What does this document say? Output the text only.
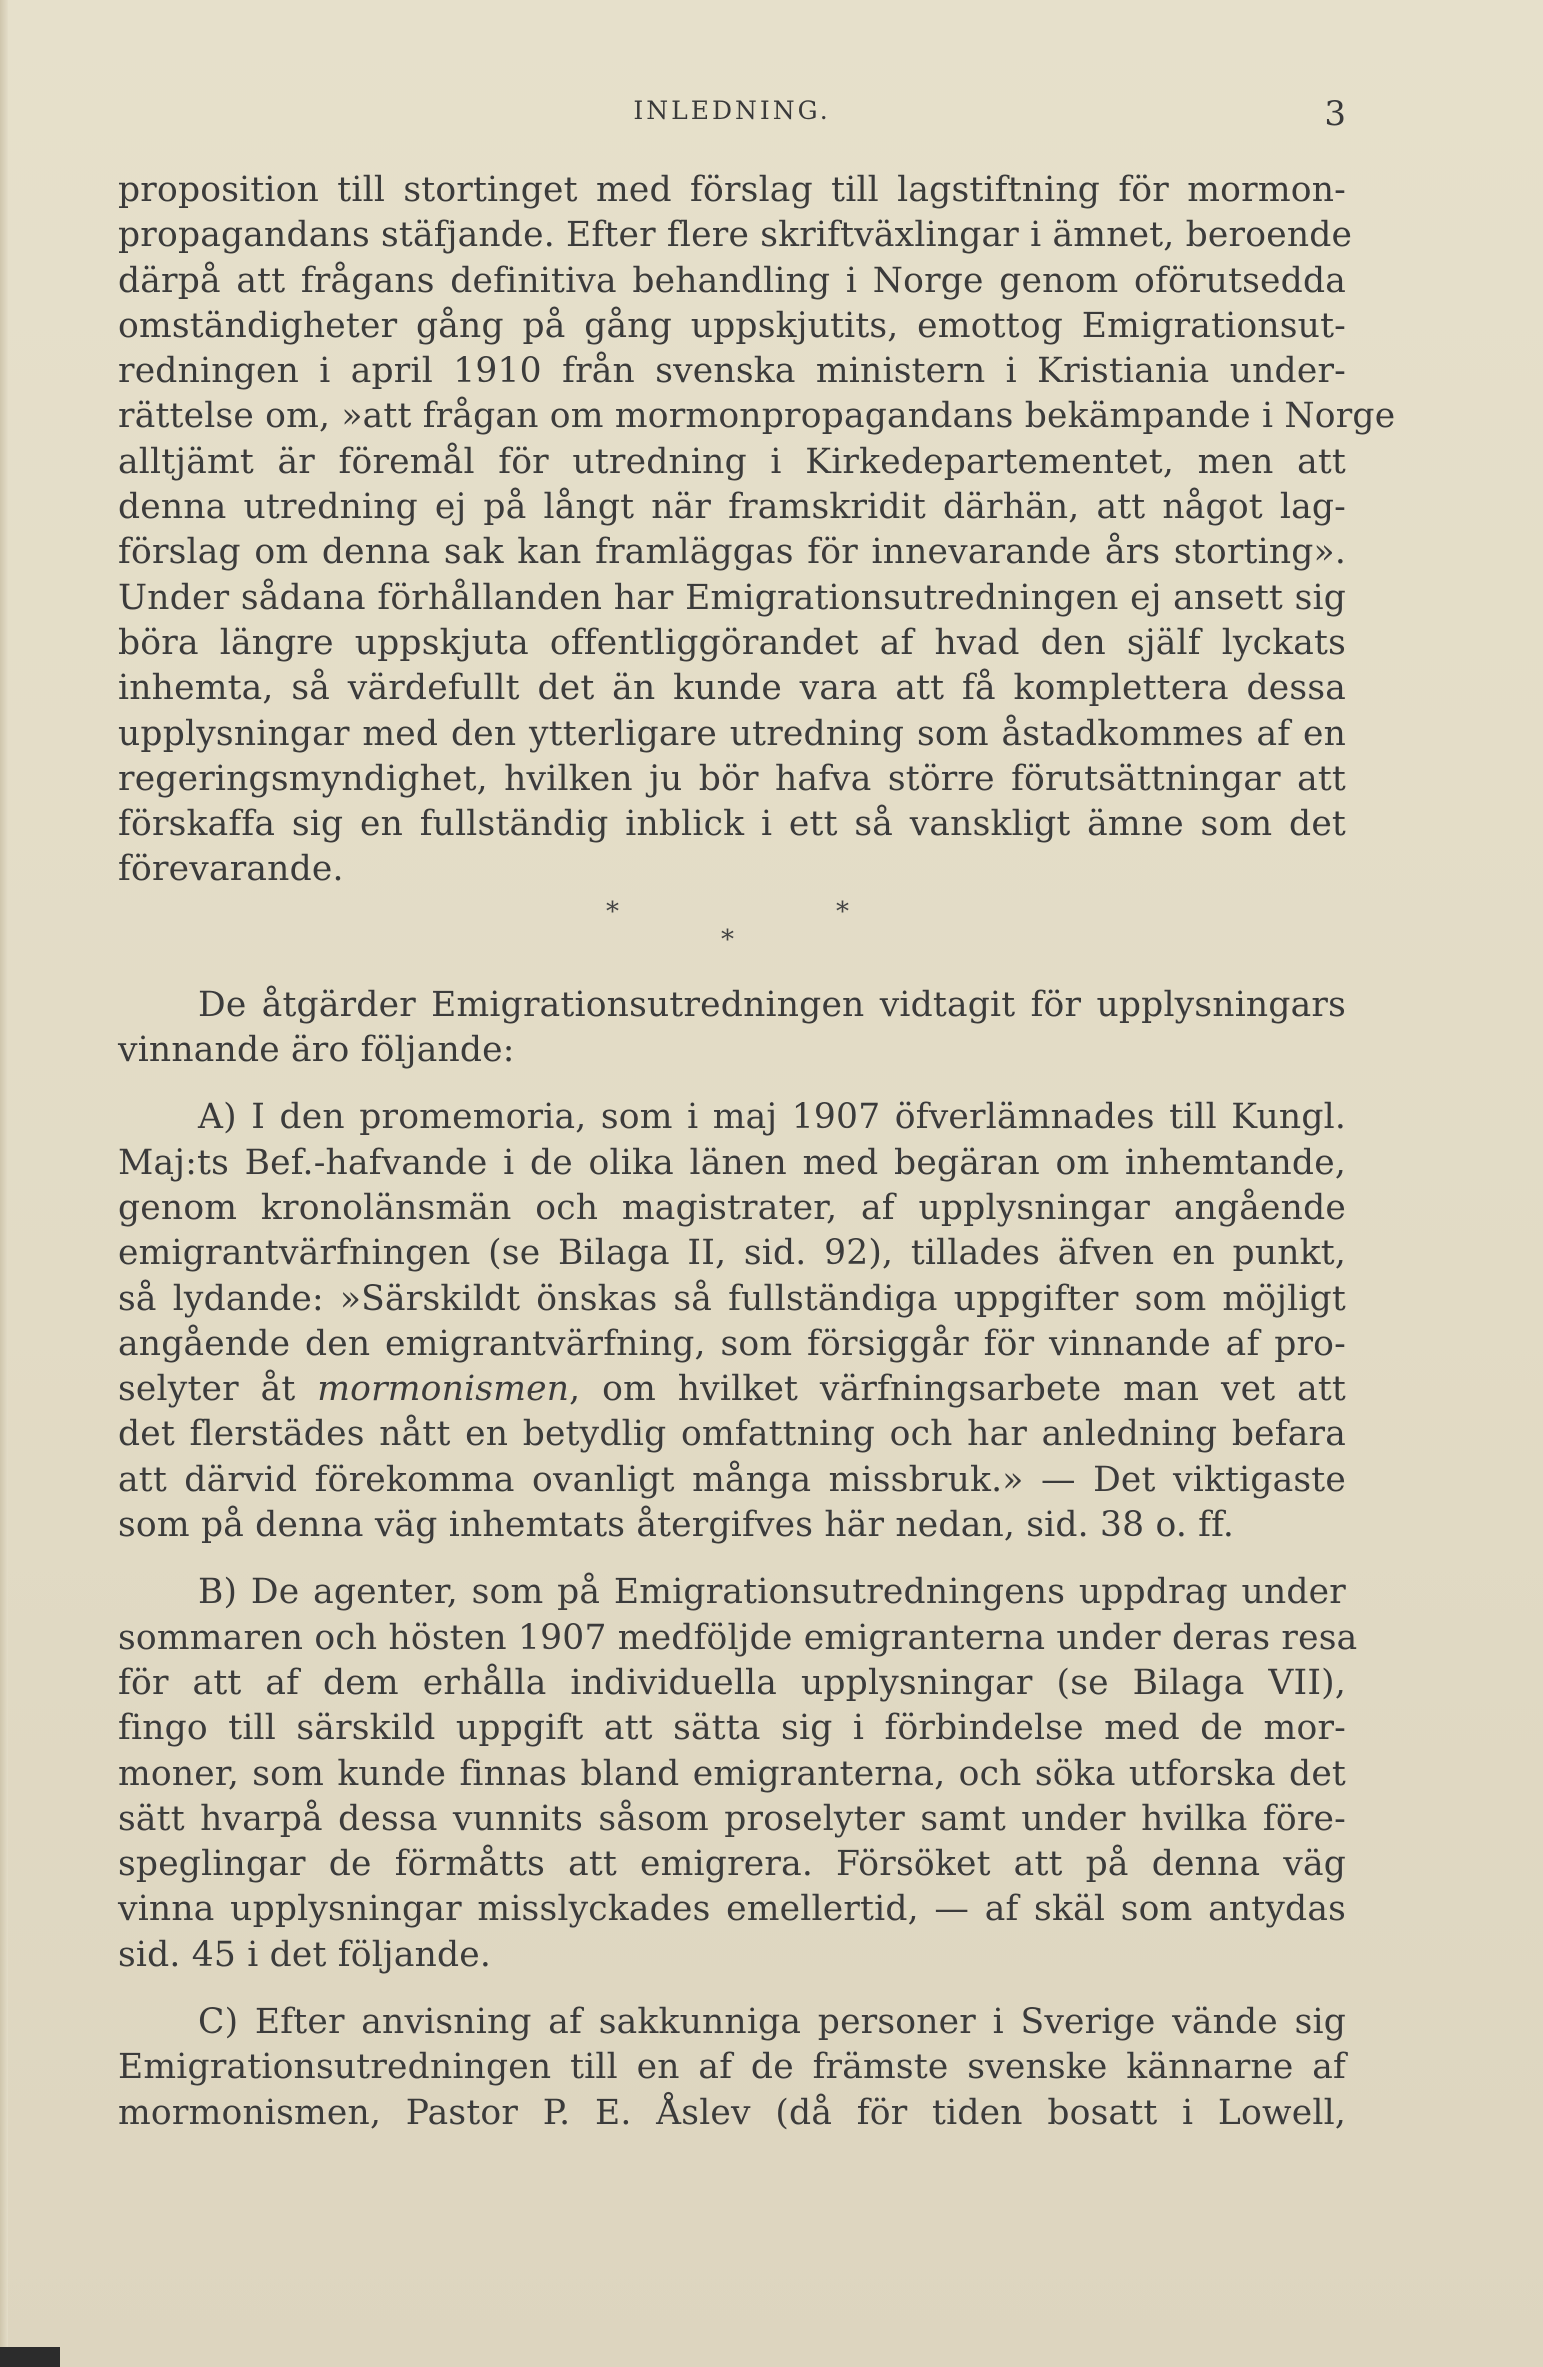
INLEDNING.	3
proposition till stortinget med förslag till lagstiftning för mormon-
propagandans stäfjande. Efter flere skriftväxlingar i ämnet, beroende
därpå att frågans definitiva behandling i Norge genom oförutsedda
omständigheter gång på gång uppskjutits, emottog Emigrationsut-
redningen i april 1910 från svenska ministern i Kristiania under-
rättelse om, »att frågan om mormonpropagandans bekämpande i Norge
alltjämt är föremål för utredning i Kirkedepartementet, men att
denna utredning ej på långt när framskridit därhän, att något lag-
förslag om denna sak kan framläggas för innevarande års storting».
Under sådana förhållanden har Emigrationsutredningen ej ansett sig
böra längre uppskjuta offentliggörandet af hvad den själf lyckats
inhemta, så värdefullt det än kunde vara att få komplettera dessa
upplysningar med den ytterligare utredning som åstadkommes af en
regeringsmyndighet, hvilken ju bör hafva större förutsättningar att
förskaffa sig en fullständig inblick i ett så vanskligt ämne som det
förevarande.
*	*
*
De åtgärder Emigrationsutredningen vidtagit för upplysningars
vinnande äro följande:
A) I den promemoria, som i maj 1907 öfverlämnades till Kungl.
Maj:ts Bef.-hafvande i de olika länen med begäran om inhemtande,
genom kronolänsmän och magistrater, af upplysningar angående
emigrantvärfningen (se Bilaga II, sid. 92), tillades äfven en punkt,
så lydande: »Särskildt önskas så fullständiga uppgifter som möjligt
angående den emigrantvärfning, som försiggår för vinnande af pro-
selyter åt mormonismen, om hvilket värfningsarbete man vet att
det flerstädes nått en betydlig omfattning och har anledning befara
att därvid förekomma ovanligt många missbruk.» — Det viktigaste
som på denna väg inhemtats återgifves här nedan, sid. 38 o. ff.
B) De agenter, som på Emigrationsutredningens uppdrag under
sommaren och hösten 1907 medföljde emigranterna under deras resa
för att af dem erhålla individuella upplysningar (se Bilaga VII),
fingo till särskild uppgift att sätta sig i förbindelse med de mor-
moner, som kunde finnas bland emigranterna, och söka utforska det
sätt hvarpå dessa vunnits såsom proselyter samt under hvilka före-
speglingar de förmåtts att emigrera. Försöket att på denna väg
vinna upplysningar misslyckades emellertid, — af skäl som antydas
sid. 45 i det följande.
C) Efter anvisning af sakkunniga personer i Sverige vände sig
Emigrationsutredningen till en af de främste svenske kännarne af
mormonismen, Pastor P. E. Åslev (då för tiden bosatt i Lowell,
